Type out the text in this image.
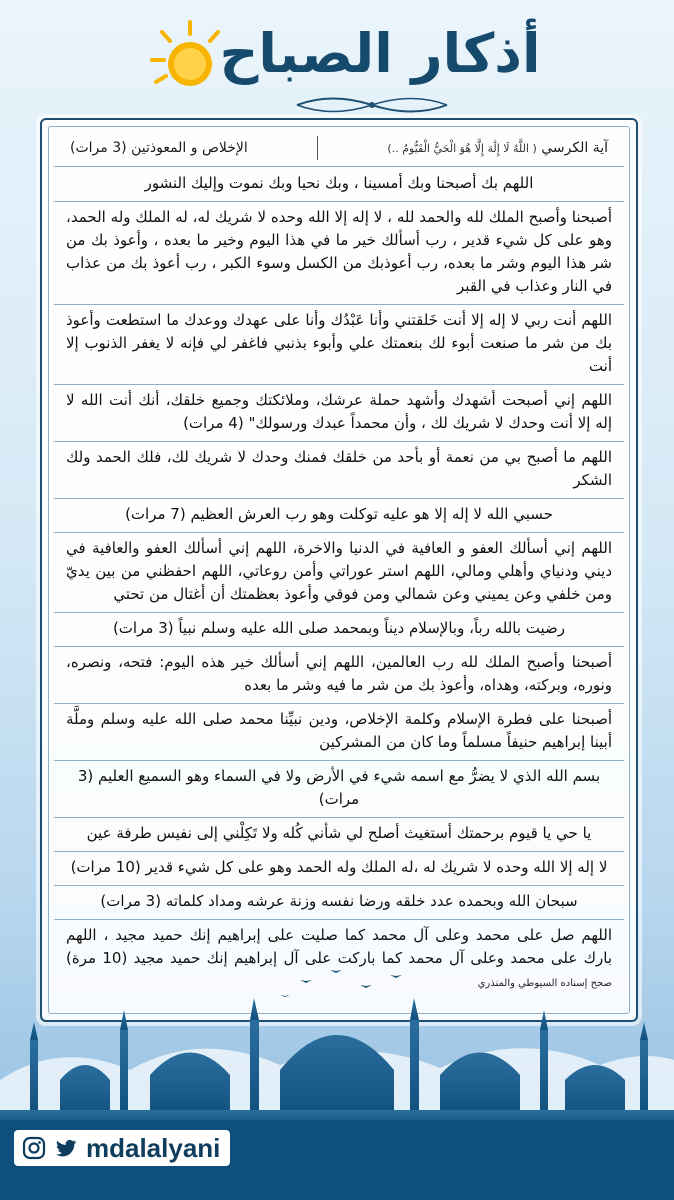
أذكار الصباح
آية الكرسي ( اللَّهُ لَا إِلَٰهَ إِلَّا هُوَ الْحَيُّ الْقَيُّومُ ..)
الإخلاص و المعوذتين (3 مرات)
اللهم بك أصبحنا وبك أمسينا ، وبك نحيا وبك نموت وإليك النشور
أصبحنا وأصبح الملك لله والحمد لله ، لا إله إلا الله وحده لا شريك له، له الملك وله الحمد، وهو على كل شيء قدير ، رب أسألك خير ما في هذا اليوم وخير ما بعده ، وأعوذ بك من شر هذا اليوم وشر ما بعده، رب أعوذبك من الكسل وسوء الكبر ، رب أعوذ بك من عذاب في النار وعذاب في القبر
اللهم أنت ربي لا إله إلا أنت خَلقتني وأنا عَبْدُك وأنا على عهدك ووعدك ما استطعت وأعوذ بك من شر ما صنعت أبوء لك بنعمتك علي وأبوء بذنبي فاغفر لي فإنه لا يغفر الذنوب إلا أنت
اللهم إني أصبحت أشهدك وأشهد حملة عرشك، وملائكتك وجميع خلقك، أنك أنت الله لا إله إلا أنت وحدك لا شريك لك ، وأن محمداً عبدك ورسولك" (4 مرات)
اللهم ما أصبح بي من نعمة أو بأحد من خلقك فمنك وحدك لا شريك لك، فلك الحمد ولك الشكر
حسبي الله لا إله إلا هو عليه توكلت وهو رب العرش العظيم (7 مرات)
اللهم إني أسألك العفو و العافية في الدنيا والاخرة، اللهم إني أسألك العفو والعافية في ديني ودنياي وأهلي ومالي، اللهم استر عوراتي وأمن روعاتي، اللهم احفظني من بين يديّ ومن خلفي وعن يميني وعن شمالي ومن فوقي وأعوذ بعظمتك أن أغتال من تحتي
رضيت بالله رباً، وبالإسلام ديناً وبمحمد صلى الله عليه وسلم نبياً (3 مرات)
أصبحنا وأصبح الملك لله رب العالمين، اللهم إني أسألك خير هذه اليوم: فتحه، ونصره، ونوره، وبركته، وهداه، وأعوذ بك من شر ما فيه وشر ما بعده
أصبحنا على فطرة الإسلام وكلمة الإخلاص، ودين نبيِّنا محمد صلى الله عليه وسلم وملَّة أبينا إبراهيم حنيفاً مسلماً وما كان من المشركين
بسم الله الذي لا يضرُّ مع اسمه شيء في الأرض ولا في السماء وهو السميع العليم (3 مرات)
يا حي يا قيوم برحمتك أستغيث أصلح لي شأني كُله ولا تَكِلْني إلى نفيس طرفة عين
لا إله إلا الله وحده لا شريك له ،له الملك وله الحمد وهو على كل شيء قدير (10 مرات)
سبحان الله وبحمده عدد خلقه ورضا نفسه وزنة عرشه ومداد كلماته (3 مرات)
اللهم صل على محمد وعلى آل محمد كما صليت على إبراهيم إنك حميد مجيد ، اللهم بارك على محمد وعلى آل محمد كما باركت على آل إبراهيم إنك حميد مجيد (10 مرة) صحح إسناده السيوطي والمنذري
mdalalyani
